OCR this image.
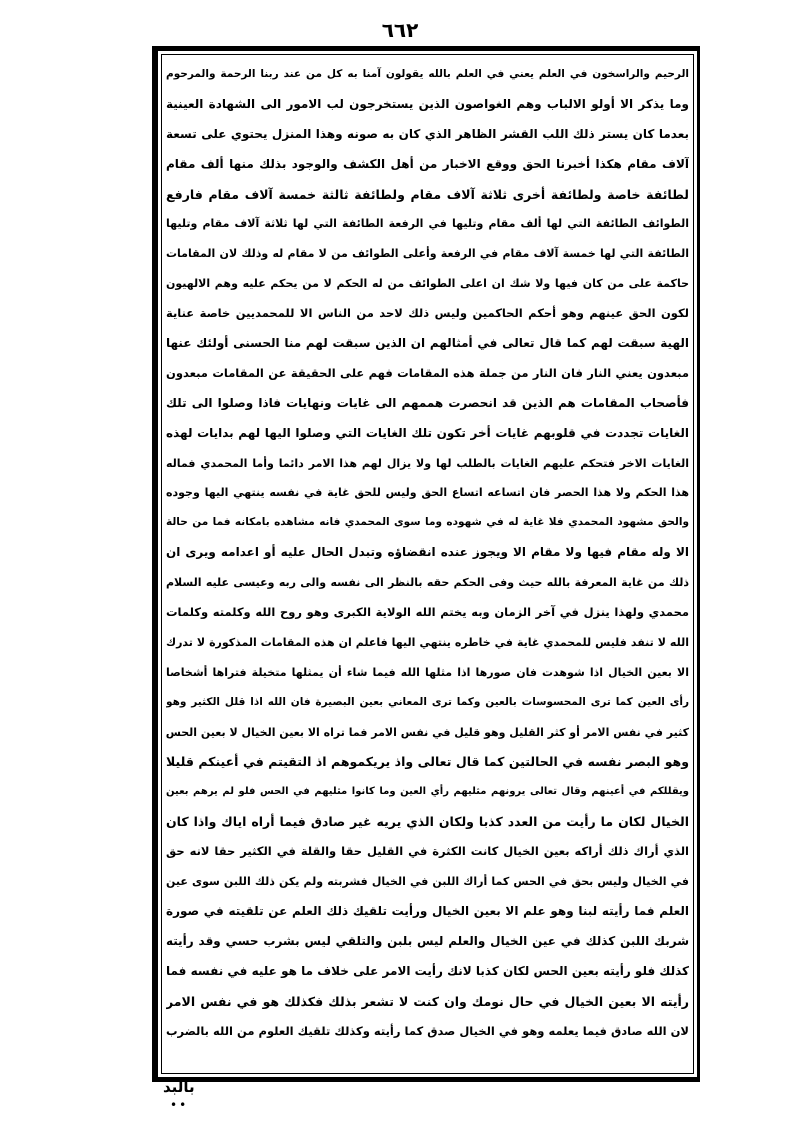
٦٦٢
الرحيم والراسخون في العلم يعني في العلم بالله يقولون آمنا به كل من عند ربنا الرحمة والمرحوم
وما يذكر الا أولو الالباب وهم الغواصون الذين يستخرجون لب الامور الى الشهادة العينية
بعدما كان يستر ذلك اللب القشر الظاهر الذي كان به صونه وهذا المنزل يحتوي على تسعة
آلاف مقام هكذا أخبرنا الحق ووقع الاخبار من أهل الكشف والوجود بذلك منها ألف مقام
لطائفة خاصة ولطائفة أخرى ثلاثة آلاف مقام ولطائفة ثالثة خمسة آلاف مقام فارفع
الطوائف الطائفة التي لها ألف مقام وتليها في الرفعة الطائفة التي لها ثلاثة آلاف مقام وتليها
الطائفة التي لها خمسة آلاف مقام في الرفعة وأعلى الطوائف من لا مقام له وذلك لان المقامات
حاكمة على من كان فيها ولا شك ان اعلى الطوائف من له الحكم لا من يحكم عليه وهم الالهيون
لكون الحق عينهم وهو أحكم الحاكمين وليس ذلك لاحد من الناس الا للمحمديين خاصة عناية
الهية سبقت لهم كما قال تعالى في أمثالهم ان الذين سبقت لهم منا الحسنى أولئك عنها
مبعدون يعني النار فان النار من جملة هذه المقامات فهم على الحقيقة عن المقامات مبعدون
فأصحاب المقامات هم الذين قد انحصرت هممهم الى غايات ونهايات فاذا وصلوا الى تلك
الغايات تجددت في قلوبهم غايات أخر تكون تلك الغايات التي وصلوا اليها لهم بدايات لهذه
الغايات الاخر فتحكم عليهم الغايات بالطلب لها ولا يزال لهم هذا الامر دائما وأما المحمدي فماله
هذا الحكم ولا هذا الحصر فان اتساعه اتساع الحق وليس للحق غاية في نفسه ينتهي اليها وجوده
والحق مشهود المحمدي فلا غاية له في شهوده وما سوى المحمدي فانه مشاهده بامكانه فما من حالة
الا وله مقام فيها ولا مقام الا ويجوز عنده انقضاؤه وتبدل الحال عليه أو اعدامه ويرى ان
ذلك من غاية المعرفة بالله حيث وفى الحكم حقه بالنظر الى نفسه والى ربه وعيسى عليه السلام
محمدي ولهذا ينزل في آخر الزمان وبه يختم الله الولاية الكبرى وهو روح الله وكلمته وكلمات
الله لا تنفد فليس للمحمدي غاية في خاطره ينتهي اليها فاعلم ان هذه المقامات المذكورة لا تدرك
الا بعين الخيال اذا شوهدت فان صورها اذا مثلها الله فيما شاء أن يمثلها متخيلة فتراها أشخاصا
رأى العين كما ترى المحسوسات بالعين وكما ترى المعاني بعين البصيرة فان الله اذا قلل الكثير وهو
كثير في نفس الامر أو كثر القليل وهو قليل في نفس الامر فما تراه الا بعين الخيال لا بعين الحس
وهو البصر نفسه في الحالتين كما قال تعالى واذ يريكموهم اذ التقيتم في أعينكم قليلا
ويقللكم في أعينهم وقال تعالى يرونهم مثليهم رأي العين وما كانوا مثليهم في الحس فلو لم يرهم بعين
الخيال لكان ما رأيت من العدد كذبا ولكان الذي يريه غير صادق فيما أراه اياك واذا كان
الذي أراك ذلك أراكه بعين الخيال كانت الكثرة في القليل حقا والقلة في الكثير حقا لانه حق
في الخيال وليس بحق في الحس كما أراك اللبن في الخيال فشربته ولم يكن ذلك اللبن سوى عين
العلم فما رأيته لبنا وهو علم الا بعين الخيال ورأيت تلقيك ذلك العلم عن تلقيته في صورة
شربك اللبن كذلك في عين الخيال والعلم ليس بلبن والتلقي ليس بشرب حسي وقد رأيته
كذلك فلو رأيته بعين الحس لكان كذبا لانك رأيت الامر على خلاف ما هو عليه في نفسه فما
رأيته الا بعين الخيال في حال نومك وان كنت لا تشعر بذلك فكذلك هو في نفس الامر
لان الله صادق فيما يعلمه وهو في الخيال صدق كما رأيته وكذلك تلقيك العلوم من الله بالضرب
بالبد
••
